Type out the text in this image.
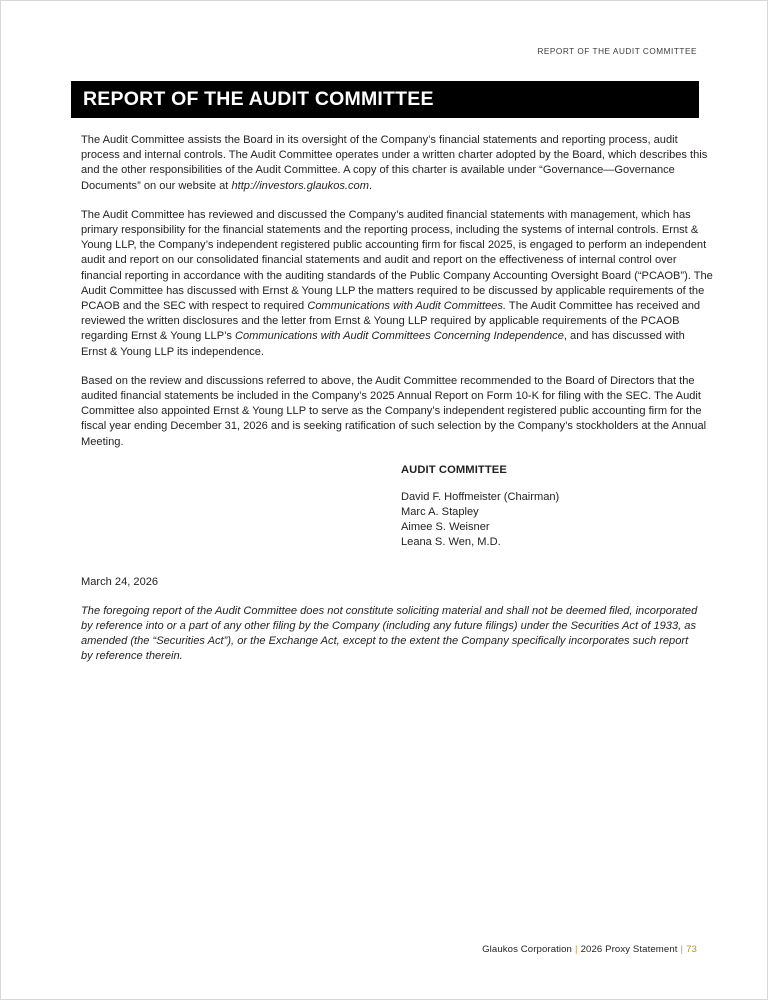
REPORT OF THE AUDIT COMMITTEE
REPORT OF THE AUDIT COMMITTEE

The Audit Committee assists the Board in its oversight of the Company’s financial statements and reporting process, audit process and internal controls. The Audit Committee operates under a written charter adopted by the Board, which describes this and the other responsibilities of the Audit Committee. A copy of this charter is available under “Governance—Governance Documents” on our website at http://investors.glaukos.com.

The Audit Committee has reviewed and discussed the Company’s audited financial statements with management, which has primary responsibility for the financial statements and the reporting process, including the systems of internal controls. Ernst & Young LLP, the Company’s independent registered public accounting firm for fiscal 2025, is engaged to perform an independent audit and report on our consolidated financial statements and audit and report on the effectiveness of internal control over financial reporting in accordance with the auditing standards of the Public Company Accounting Oversight Board (“PCAOB”). The Audit Committee has discussed with Ernst & Young LLP the matters required to be discussed by applicable requirements of the PCAOB and the SEC with respect to required Communications with Audit Committees. The Audit Committee has received and reviewed the written disclosures and the letter from Ernst & Young LLP required by applicable requirements of the PCAOB regarding Ernst & Young LLP’s Communications with Audit Committees Concerning Independence, and has discussed with Ernst & Young LLP its independence.

Based on the review and discussions referred to above, the Audit Committee recommended to the Board of Directors that the audited financial statements be included in the Company’s 2025 Annual Report on Form 10-K for filing with the SEC. The Audit Committee also appointed Ernst & Young LLP to serve as the Company’s independent registered public accounting firm for the fiscal year ending December 31, 2026 and is seeking ratification of such selection by the Company’s stockholders at the Annual Meeting.

AUDIT COMMITTEE

David F. Hoffmeister (Chairman)

Marc A. Stapley

Aimee S. Weisner

Leana S. Wen, M.D.

March 24, 2026
The foregoing report of the Audit Committee does not constitute soliciting material and shall not be deemed filed, incorporated by reference into or a part of any other filing by the Company (including any future filings) under the Securities Act of 1933, as amended (the “Securities Act”), or the Exchange Act, except to the extent the Company specifically incorporates such report by reference therein.
Glaukos Corporation | 2026 Proxy Statement | 73
